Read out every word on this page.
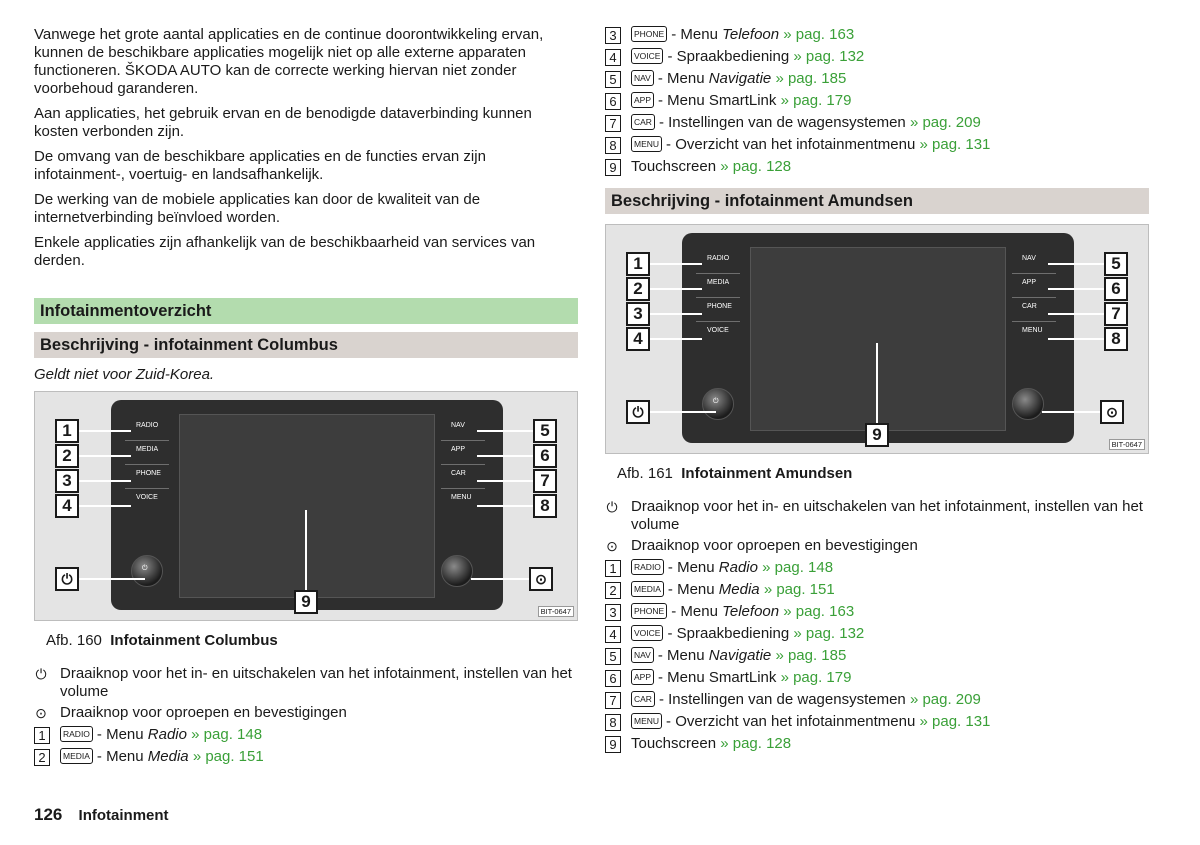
Vanwege het grote aantal applicaties en de continue doorontwikkeling ervan, kunnen de beschikbare applicaties mogelijk niet op alle externe apparaten functioneren. ŠKODA AUTO kan de correcte werking hiervan niet zonder voorbehoud garanderen.

Aan applicaties, het gebruik ervan en de benodigde dataverbinding kunnen kosten verbonden zijn.

De omvang van de beschikbare applicaties en de functies ervan zijn infotainment-, voertuig- en landsafhankelijk.

De werking van de mobiele applicaties kan door de kwaliteit van de internetverbinding beïnvloed worden.

Enkele applicaties zijn afhankelijk van de beschikbaarheid van services van derden.

Infotainmentoverzicht
Beschrijving - infotainment Columbus
Geldt niet voor Zuid-Korea.
RADIO	NAV
MEDIA	APP
PHONE	CAR
VOICE	MENU
⏻
1	5
2	6
3	7
4	8
⏻	⊙
9
BIT-0647
Afb. 160 Infotainment Columbus
⏻ Draaiknop voor het in- en uitschakelen van het infotainment, instellen van het volume
⊙ Draaiknop voor oproepen en bevestigingen
1	RADIO - Menu Radio » pag. 148
2	MEDIA - Menu Media » pag. 151
3	PHONE - Menu Telefoon » pag. 163
4	VOICE - Spraakbediening » pag. 132
5	NAV - Menu Navigatie » pag. 185
6	APP - Menu SmartLink » pag. 179
7	CAR - Instellingen van de wagensystemen » pag. 209
8	MENU - Overzicht van het infotainmentmenu » pag. 131
9 Touchscreen » pag. 128
Beschrijving - infotainment Amundsen
RADIO	NAV
MEDIA	APP
PHONE	CAR
VOICE	MENU
⏻
1	5
2	6
3	7
4	8
⏻	⊙
9
BIT-0647
Afb. 161 Infotainment Amundsen
⏻ Draaiknop voor het in- en uitschakelen van het infotainment, instellen van het volume
⊙ Draaiknop voor oproepen en bevestigingen
1	RADIO - Menu Radio » pag. 148
2	MEDIA - Menu Media » pag. 151
3	PHONE - Menu Telefoon » pag. 163
4	VOICE - Spraakbediening » pag. 132
5	NAV - Menu Navigatie » pag. 185
6	APP - Menu SmartLink » pag. 179
7	CAR - Instellingen van de wagensystemen » pag. 209
8	MENU - Overzicht van het infotainmentmenu » pag. 131
9 Touchscreen » pag. 128
126 Infotainment
